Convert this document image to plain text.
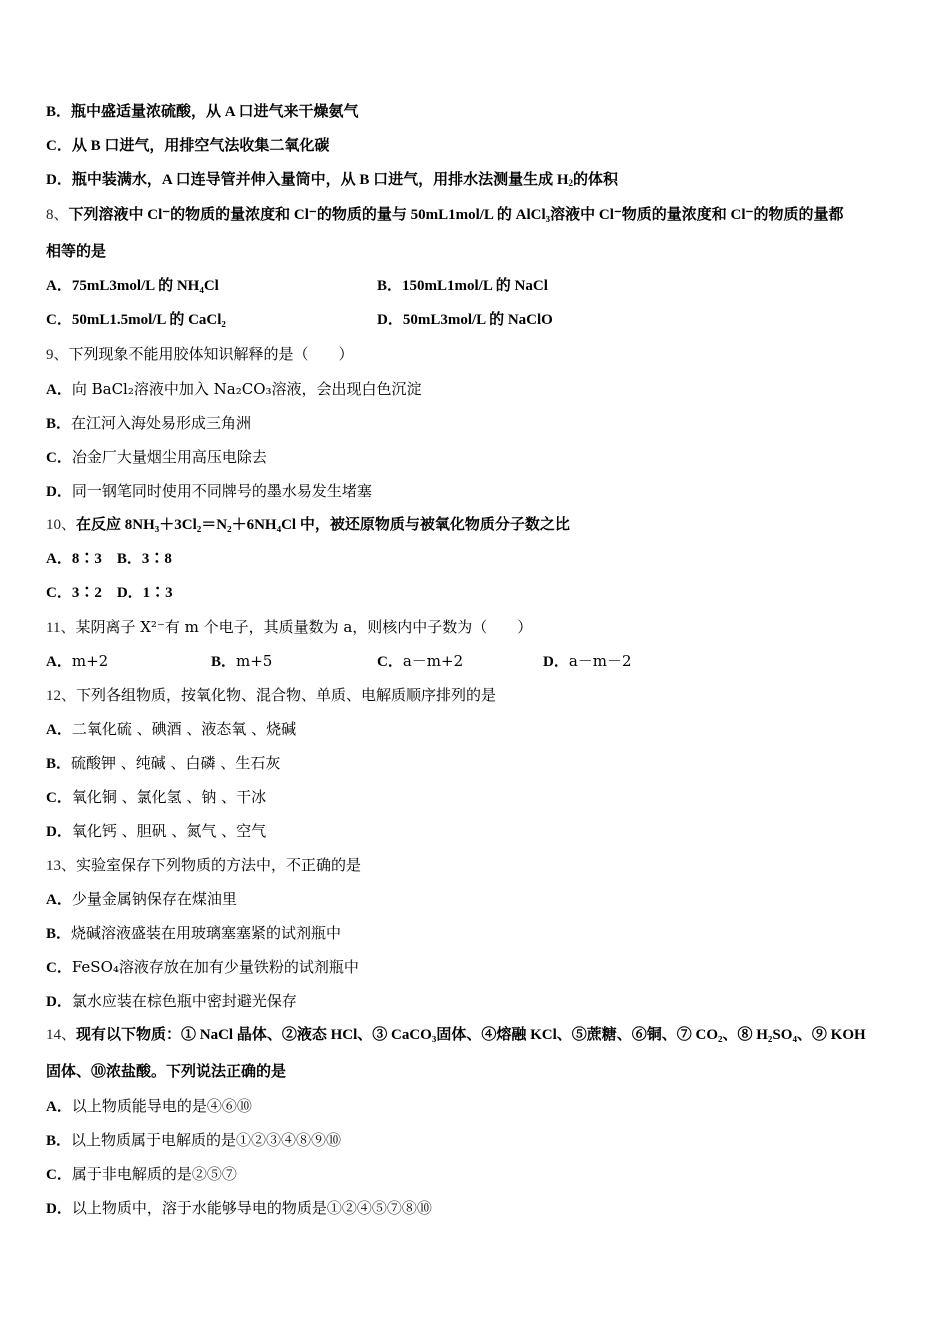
B．瓶中盛适量浓硫酸，从 A 口进气来干燥氨气
C．从 B 口进气，用排空气法收集二氧化碳
D．瓶中装满水，A 口连导管并伸入量筒中，从 B 口进气，用排水法测量生成 $H_2$的体积
8、下列溶液中 Cl⁻的物质的量浓度和 Cl⁻的物质的量与 50mL1mol/L 的 AlCl₃溶液中 Cl⁻物质的量浓度和 Cl⁻的物质的量都
相等的是
A．75mL3mol/L 的 NH₄Cl	B．150mL1mol/L 的 NaCl
C．50mL1.5mol/L 的 CaCl₂	D．50mL3mol/L 的 NaClO
9、下列现象不能用胶体知识解释的是（　　）
A．向 BaCl₂溶液中加入 Na₂CO₃溶液，会出现白色沉淀
B．在江河入海处易形成三角洲
C．冶金厂大量烟尘用高压电除去
D．同一钢笔同时使用不同牌号的墨水易发生堵塞
10、在反应 8NH₃＋3Cl₂＝N₂＋6NH₄Cl 中，被还原物质与被氧化物质分子数之比
A．8∶3　B．3∶8
C．3∶2　D．1∶3
11、某阴离子 X²⁻有 m 个电子，其质量数为 a，则核内中子数为（　　）
A．m+2	B．m+5	C．a－m+2	D．a－m－2
12、下列各组物质，按氧化物、混合物、单质、电解质顺序排列的是
A．二氧化硫 、碘酒 、液态氧 、烧碱
B．硫酸钾 、纯碱 、白磷 、生石灰
C．氧化铜 、氯化氢 、钠 、干冰
D．氧化钙 、胆矾 、氮气 、空气
13、实验室保存下列物质的方法中，不正确的是
A．少量金属钠保存在煤油里
B．烧碱溶液盛装在用玻璃塞塞紧的试剂瓶中
C．FeSO₄溶液存放在加有少量铁粉的试剂瓶中
D．氯水应装在棕色瓶中密封避光保存
14、现有以下物质：① NaCl 晶体、②液态 HCl、③ CaCO₃固体、④熔融 KCl、⑤蔗糖、⑥铜、⑦ CO₂、⑧ H₂SO₄、⑨ KOH
固体、⑩浓盐酸。下列说法正确的是
A．以上物质能导电的是④⑥⑩
B．以上物质属于电解质的是①②③④⑧⑨⑩
C．属于非电解质的是②⑤⑦
D．以上物质中，溶于水能够导电的物质是①②④⑤⑦⑧⑩
